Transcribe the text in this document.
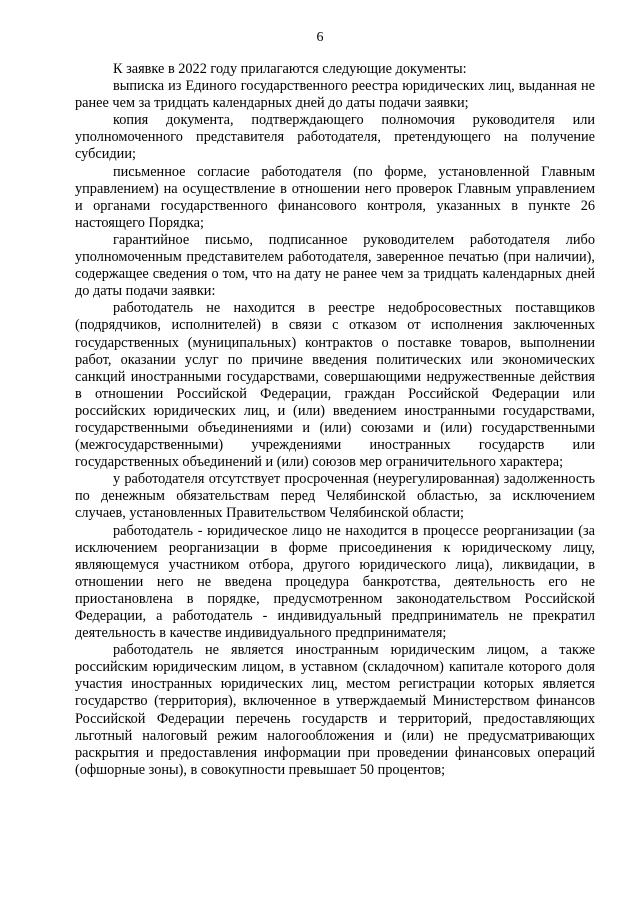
6

К заявке в 2022 году прилагаются следующие документы:

выписка из Единого государственного реестра юридических лиц, выданная не ранее чем за тридцать календарных дней до даты подачи заявки;

копия документа, подтверждающего полномочия руководителя или уполномоченного представителя работодателя, претендующего на получение субсидии;

письменное согласие работодателя (по форме, установленной Главным управлением) на осуществление в отношении него проверок Главным управлением и органами государственного финансового контроля, указанных в пункте 26 настоящего Порядка;

гарантийное письмо, подписанное руководителем работодателя либо уполномоченным представителем работодателя, заверенное печатью (при наличии), содержащее сведения о том, что на дату не ранее чем за тридцать календарных дней до даты подачи заявки:

работодатель не находится в реестре недобросовестных поставщиков (подрядчиков, исполнителей) в связи с отказом от исполнения заключенных государственных (муниципальных) контрактов о поставке товаров, выполнении работ, оказании услуг по причине введения политических или экономических санкций иностранными государствами, совершающими недружественные действия в отношении Российской Федерации, граждан Российской Федерации или российских юридических лиц, и (или) введением иностранными государствами, государственными объединениями и (или) союзами и (или) государственными (межгосударственными) учреждениями иностранных государств или государственных объединений и (или) союзов мер ограничительного характера;

у работодателя отсутствует просроченная (неурегулированная) задолженность по денежным обязательствам перед Челябинской областью, за исключением случаев, установленных Правительством Челябинской области;

работодатель - юридическое лицо не находится в процессе реорганизации (за исключением реорганизации в форме присоединения к юридическому лицу, являющемуся участником отбора, другого юридического лица), ликвидации, в отношении него не введена процедура банкротства, деятельность его не приостановлена в порядке, предусмотренном законодательством Российской Федерации, а работодатель - индивидуальный предприниматель не прекратил деятельность в качестве индивидуального предпринимателя;

работодатель не является иностранным юридическим лицом, а также российским юридическим лицом, в уставном (складочном) капитале которого доля участия иностранных юридических лиц, местом регистрации которых является государство (территория), включенное в утверждаемый Министерством финансов Российской Федерации перечень государств и территорий, предоставляющих льготный налоговый режим налогообложения и (или) не предусматривающих раскрытия и предоставления информации при проведении финансовых операций (офшорные зоны), в совокупности превышает 50 процентов;
